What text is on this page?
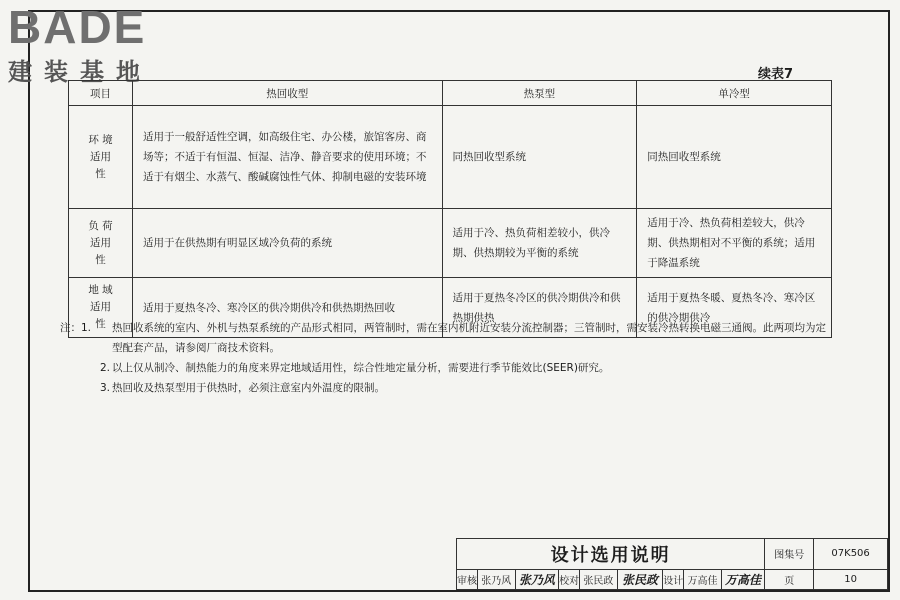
BADE
建装基地	续表7
项目	热回收型	热泵型	单冷型

环 境 适用性	适用于一般舒适性空调，如高级住宅、办公楼，旅馆客房、商场等；不适于有恒温、恒湿、洁净、静音要求的使用环境；不适于有烟尘、水蒸气、酸碱腐蚀性气体、抑制电磁的安装环境	同热回收型系统	同热回收型系统

负 荷 适用性	适用于在供热期有明显区域冷负荷的系统	适用于冷、热负荷相差较小，供冷期、供热期较为平衡的系统	适用于冷、热负荷相差较大，供冷期、供热期相对不平衡的系统；适用于降温系统

地 域 适用性	适用于夏热冬冷、寒冷区的供冷期供冷和供热期热回收	适用于夏热冬冷区的供冷期供冷和供热期供热	适用于夏热冬暖、夏热冬冷、寒冷区的供冷期供冷
注：1. 热回收系统的室内、外机与热泵系统的产品形式相同，两管制时，需在室内机附近安装分流控制器；三管制时，需安装冷热转换电磁三通阀。此两项均为定型配套产品，请参阅厂商技术资料。
2. 以上仅从制冷、制热能力的角度来界定地域适用性，综合性地定量分析，需要进行季节能效比(SEER)研究。
3. 热回收及热泵型用于供热时，必须注意室内外温度的限制。
设计选用说明									图集号	07K506
审核	张乃风	张乃风	校对	张民政	张民政	设计	万高佳	万高佳	页	10
